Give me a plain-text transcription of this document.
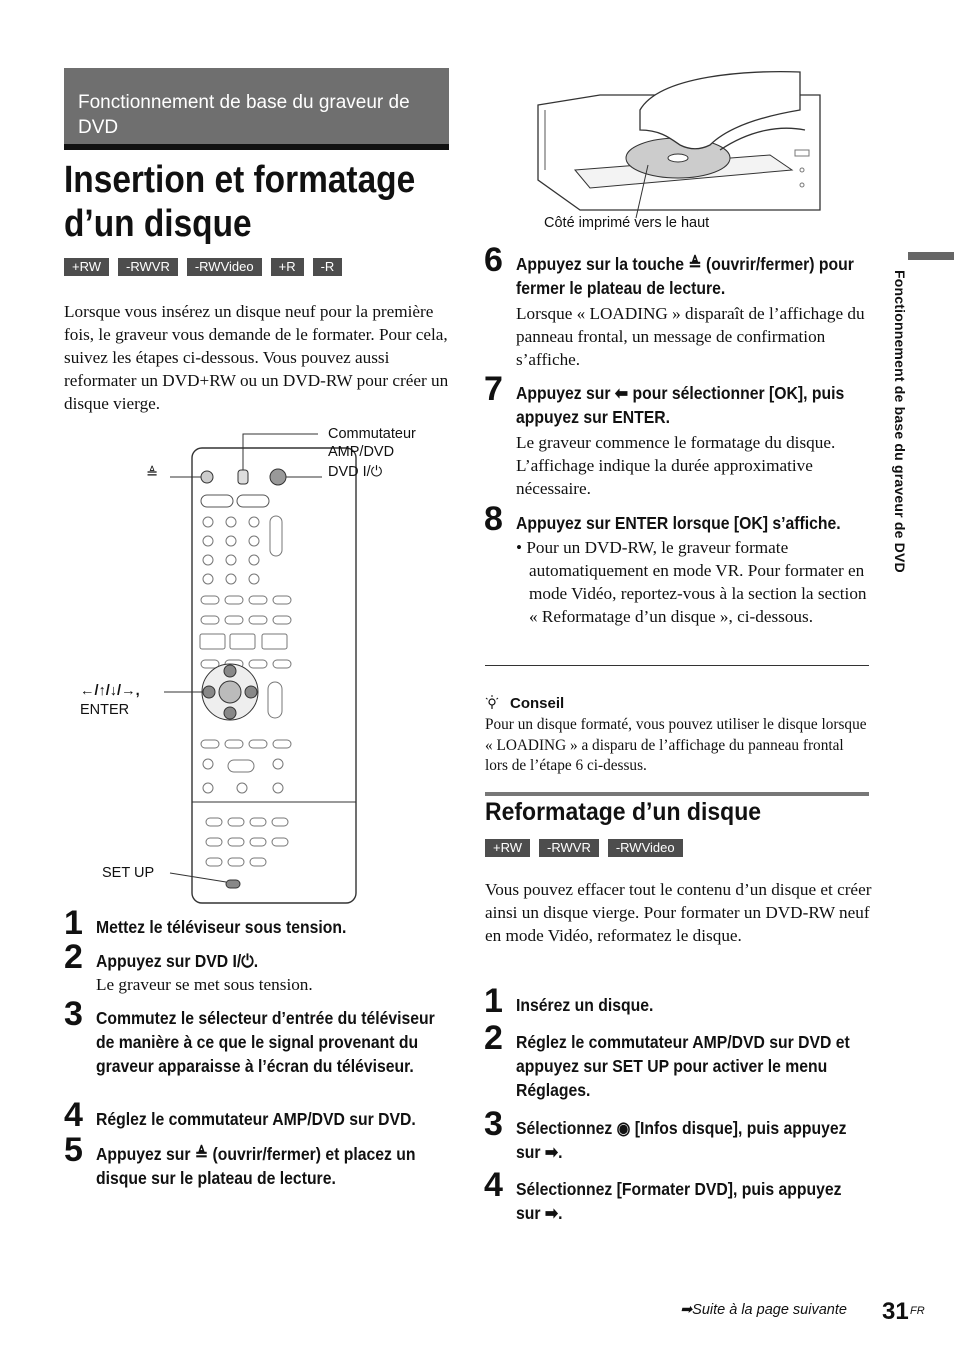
Fonctionnement de base du graveur de DVD
Insertion et formatage d’un disque
+RW	-RWVR	-RWVideo	+R	-R
Lorsque vous insérez un disque neuf pour la première fois, le graveur vous demande de le formater. Pour cela, suivez les étapes ci-dessous. Vous pouvez aussi reformater un DVD+RW ou un DVD-RW pour créer un disque vierge.
≜
Commutateur
AMP/DVD
DVD I/⏻
←/↑/↓/→,
ENTER
SET UP
Côté imprimé vers le haut
1 Mettez le téléviseur sous tension.
2 Appuyez sur DVD I/⏻.
Le graveur se met sous tension.
3 Commutez le sélecteur d’entrée du téléviseur de manière à ce que le signal provenant du graveur apparaisse à l’écran du téléviseur.
4 Réglez le commutateur AMP/DVD sur DVD.
5 Appuyez sur ≜ (ouvrir/fermer) et placez un disque sur le plateau de lecture.
6 Appuyez sur la touche ≜ (ouvrir/fermer) pour fermer le plateau de lecture.
Lorsque « LOADING » disparaît de l’affichage du panneau frontal, un message de confirmation s’affiche.
7 Appuyez sur ⬅ pour sélectionner [OK], puis appuyez sur ENTER.
Le graveur commence le formatage du disque. L’affichage indique la durée approximative nécessaire.
8 Appuyez sur ENTER lorsque [OK] s’affiche.
• Pour un DVD-RW, le graveur formate automatiquement en mode VR. Pour formater en mode Vidéo, reportez-vous à la section la section « Reformatage d’un disque », ci-dessous.
Conseil
Pour un disque formaté, vous pouvez utiliser le disque lorsque « LOADING » a disparu de l’affichage du panneau frontal lors de l’étape 6 ci-dessus.
Reformatage d’un disque
+RW	-RWVR	-RWVideo
Vous pouvez effacer tout le contenu d’un disque et créer ainsi un disque vierge. Pour formater un DVD-RW neuf en mode Vidéo, reformatez le disque.
1 Insérez un disque.
2 Réglez le commutateur AMP/DVD sur DVD et appuyez sur SET UP pour activer le menu Réglages.
3 Sélectionnez ◉ [Infos disque], puis appuyez sur ➡.
4 Sélectionnez [Formater DVD], puis appuyez sur ➡.
Fonctionnement de base du graveur de DVD
➡Suite à la page suivante 31 FR
